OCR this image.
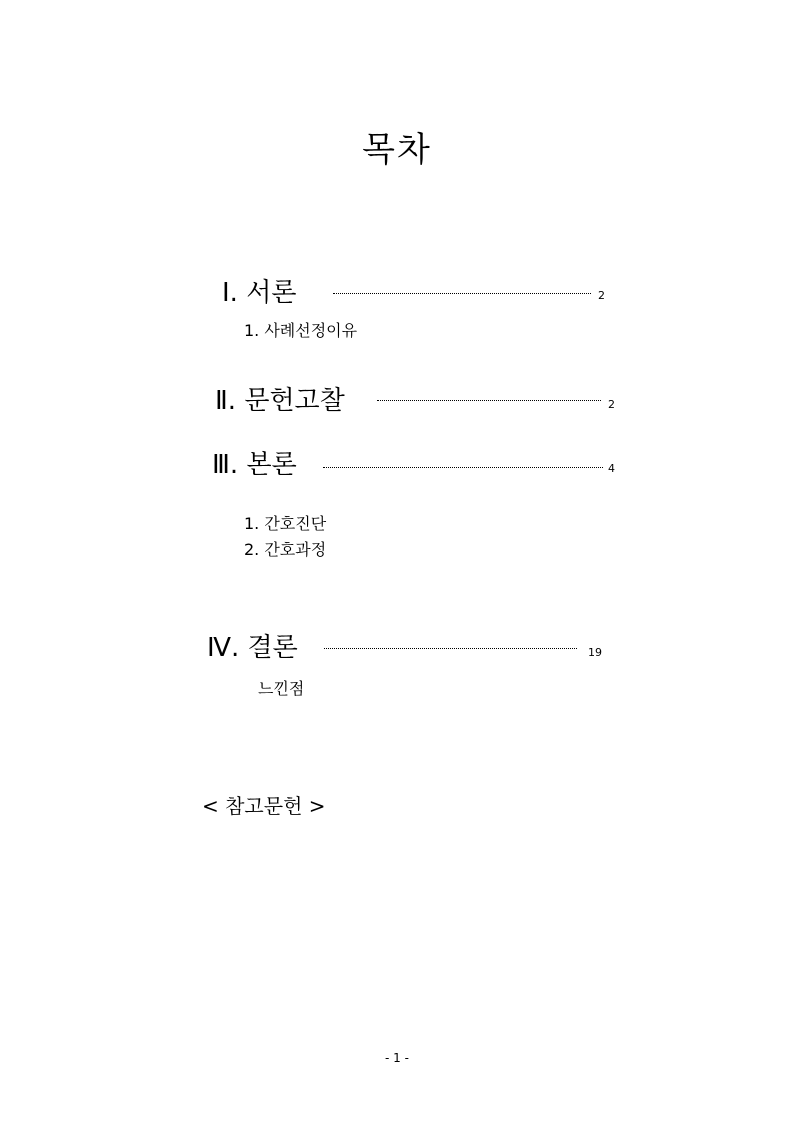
목차
Ⅰ. 서론	2
1. 사례선정이유
Ⅱ. 문헌고찰	2
Ⅲ. 본론	4
1. 간호진단
2. 간호과정
Ⅳ. 결론	19
느낀점
< 참고문헌 >
- 1 -
